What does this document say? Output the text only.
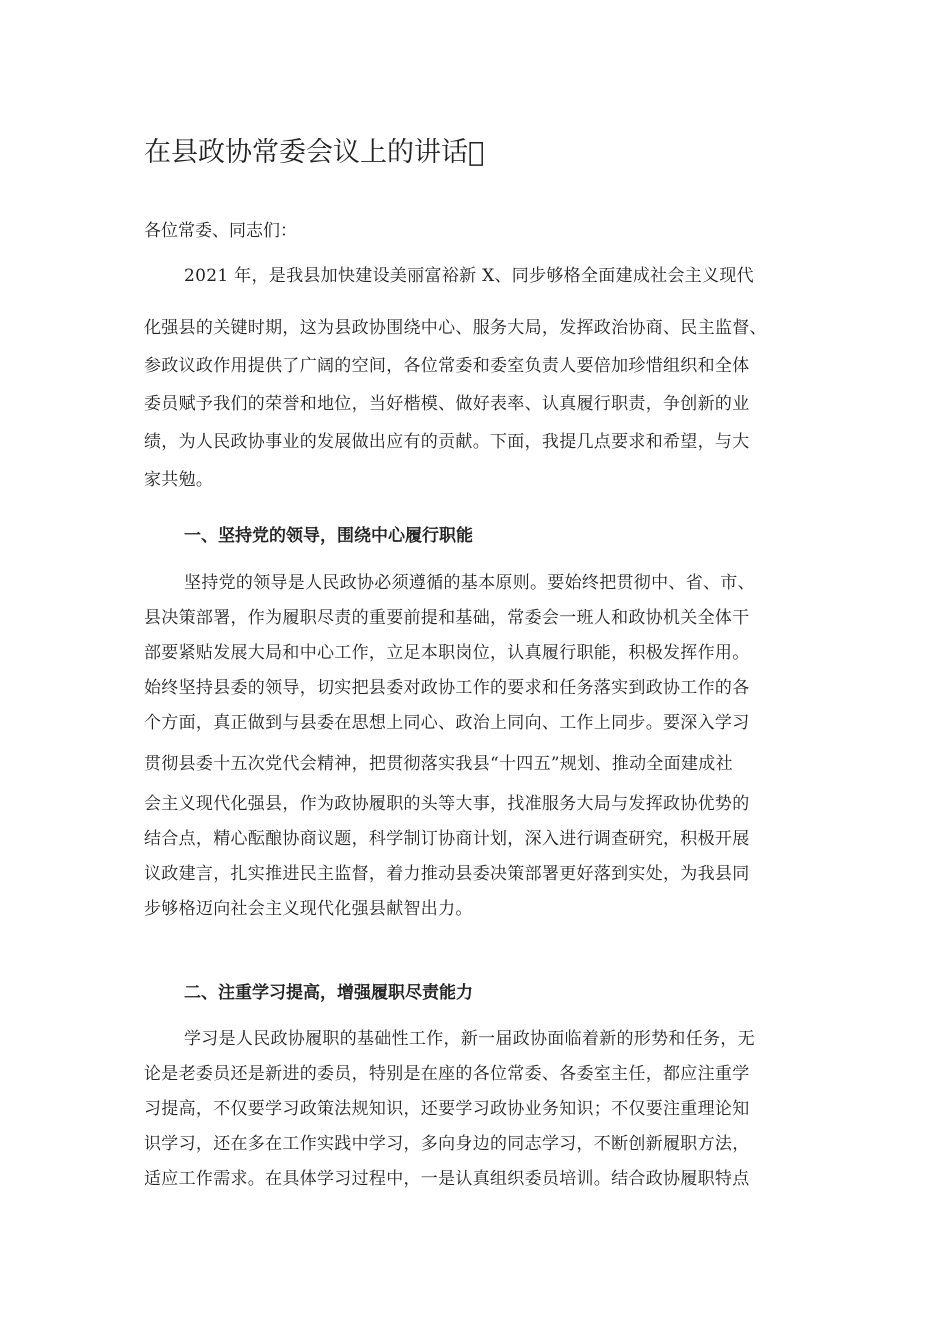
在县政协常委会议上的讲话􏰁

各位常委、同志们：

2021 年，是我县加快建设美丽富裕新 X、同步够格全面建成社会主义现代
化强县的关键时期，这为县政协围绕中心、服务大局，发挥政治协商、民主监督、
参政议政作用提供了广阔的空间，各位常委和委室负责人要倍加珍惜组织和全体
委员赋予我们的荣誉和地位，当好楷模、做好表率、认真履行职责，争创新的业
绩，为人民政协事业的发展做出应有的贡献。下面，我提几点要求和希望，与大
家共勉。

一、坚持党的领导，围绕中心履行职能

坚持党的领导是人民政协必须遵循的基本原则。要始终把贯彻中、省、市、
县决策部署，作为履职尽责的重要前提和基础，常委会一班人和政协机关全体干
部要紧贴发展大局和中心工作，立足本职岗位，认真履行职能，积极发挥作用。
始终坚持县委的领导，切实把县委对政协工作的要求和任务落实到政协工作的各
个方面，真正做到与县委在思想上同心、政治上同向、工作上同步。要深入学习
贯彻县委十五次党代会精神，把贯彻落实我县“十四五”规划、推动全面建成社
会主义现代化强县，作为政协履职的头等大事，找准服务大局与发挥政协优势的
结合点，精心酝酿协商议题，科学制订协商计划，深入进行调查研究，积极开展
议政建言，扎实推进民主监督，着力推动县委决策部署更好落到实处，为我县同
步够格迈向社会主义现代化强县献智出力。

二、注重学习提高，增强履职尽责能力

学习是人民政协履职的基础性工作，新一届政协面临着新的形势和任务，无
论是老委员还是新进的委员，特别是在座的各位常委、各委室主任，都应注重学
习提高，不仅要学习政策法规知识，还要学习政协业务知识；不仅要注重理论知
识学习，还在多在工作实践中学习，多向身边的同志学习，不断创新履职方法，
适应工作需求。在具体学习过程中，一是认真组织委员培训。结合政协履职特点
